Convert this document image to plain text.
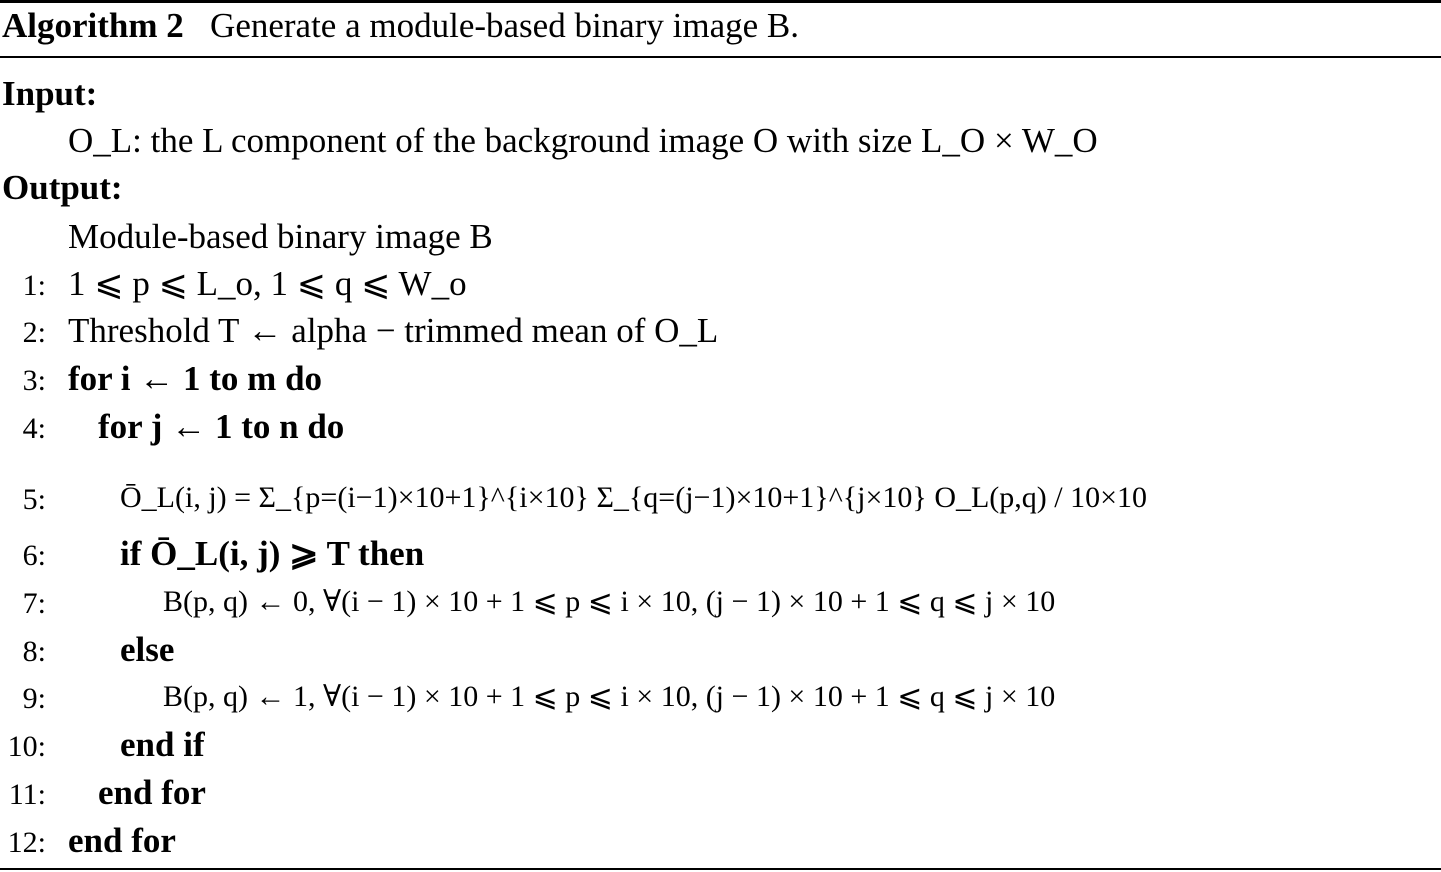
Algorithm 2 Generate a module-based binary image B.
Input:
O_L: the L component of the background image O with size L_O × W_O
Output:
Module-based binary image B
1: 1 ⩽ p ⩽ L_o, 1 ⩽ q ⩽ W_o
2: Threshold T ← alpha − trimmed mean of O_L
3: for i ← 1 to m do
4: for j ← 1 to n do
5: Ō_L(i, j) = Σ_{p=(i−1)×10+1}^{i×10} Σ_{q=(j−1)×10+1}^{j×10} O_L(p,q) / 10×10
6: if Ō_L(i, j) ⩾ T then
7:	B(p, q) ← 0, ∀(i − 1) × 10 + 1 ⩽ p ⩽ i × 10, (j − 1) × 10 + 1 ⩽ q ⩽ j × 10
8: else
9:	B(p, q) ← 1, ∀(i − 1) × 10 + 1 ⩽ p ⩽ i × 10, (j − 1) × 10 + 1 ⩽ q ⩽ j × 10
10: end if
11: end for
12: end for
